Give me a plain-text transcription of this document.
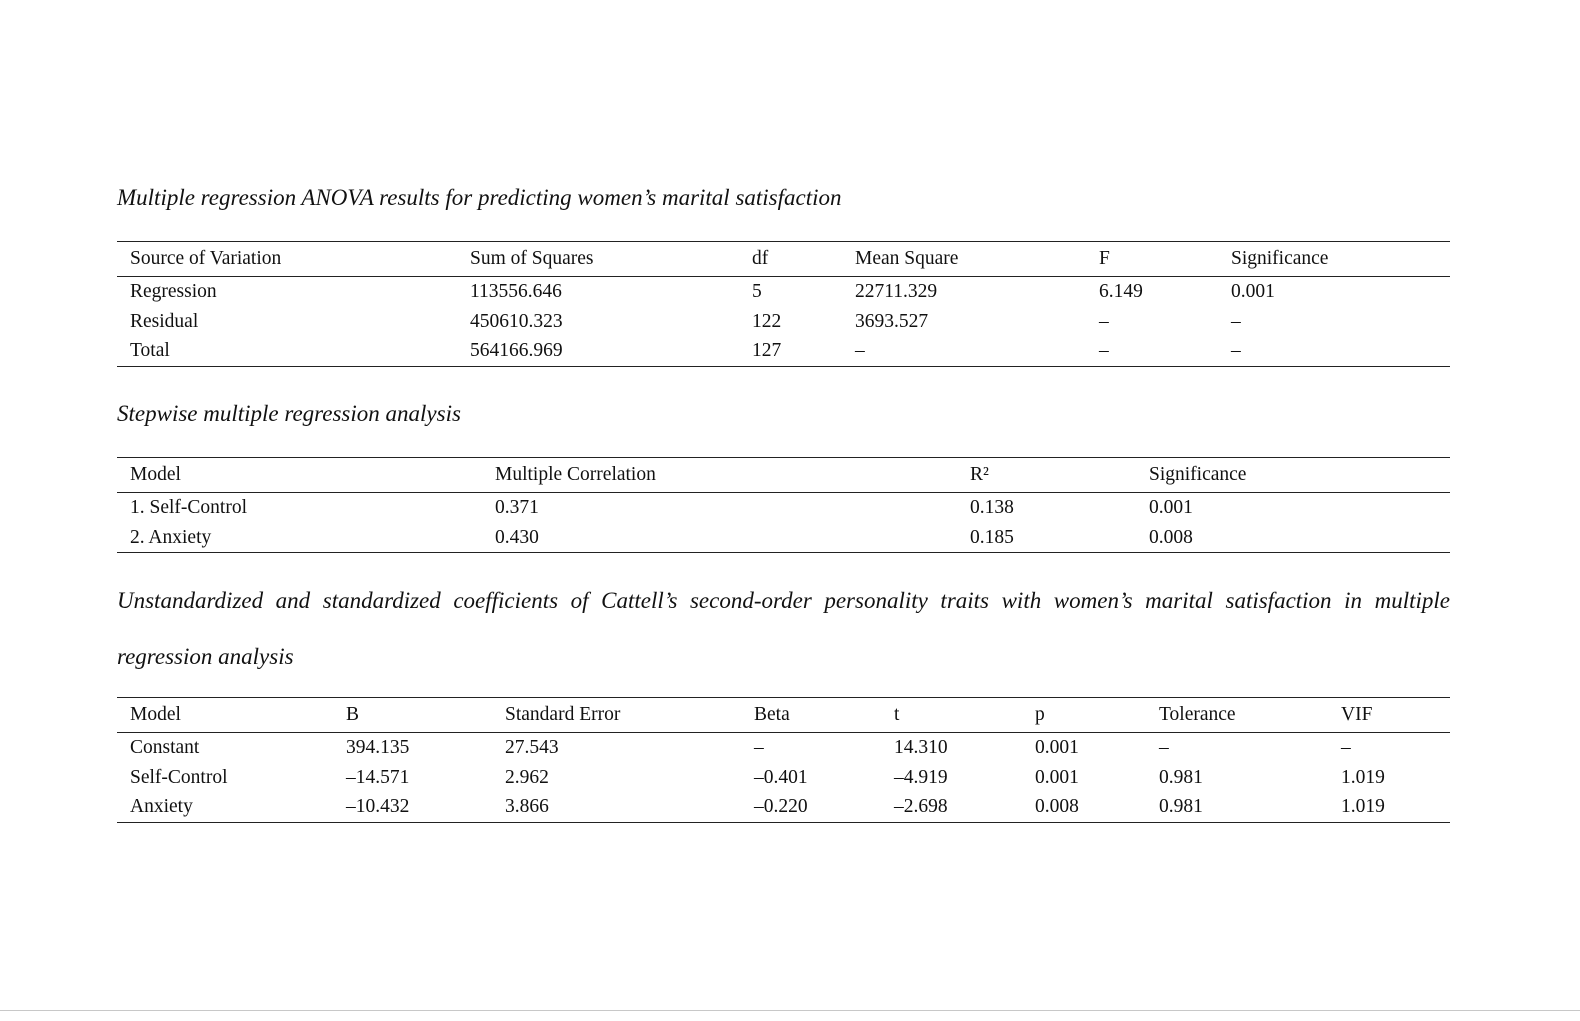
Multiple regression ANOVA results for predicting women’s marital satisfaction
Source of Variation	Sum of Squares	df	Mean Square	F	Significance
Regression	113556.646	5	22711.329	6.149	0.001
Residual	450610.323	122	3693.527	–	–
Total	564166.969	127	–	–	–
Stepwise multiple regression analysis
Model	Multiple Correlation	R²	Significance
1. Self-Control	0.371	0.138	0.001
2. Anxiety	0.430	0.185	0.008
Unstandardized and standardized coefficients of Cattell’s second-order personality traits with women’s marital satisfaction in multiple regression analysis
Model	B	Standard Error	Beta	t	p	Tolerance	VIF
Constant	394.135	27.543	–	14.310	0.001	–	–
Self-Control	–14.571	2.962	–0.401	–4.919	0.001	0.981	1.019
Anxiety	–10.432	3.866	–0.220	–2.698	0.008	0.981	1.019
